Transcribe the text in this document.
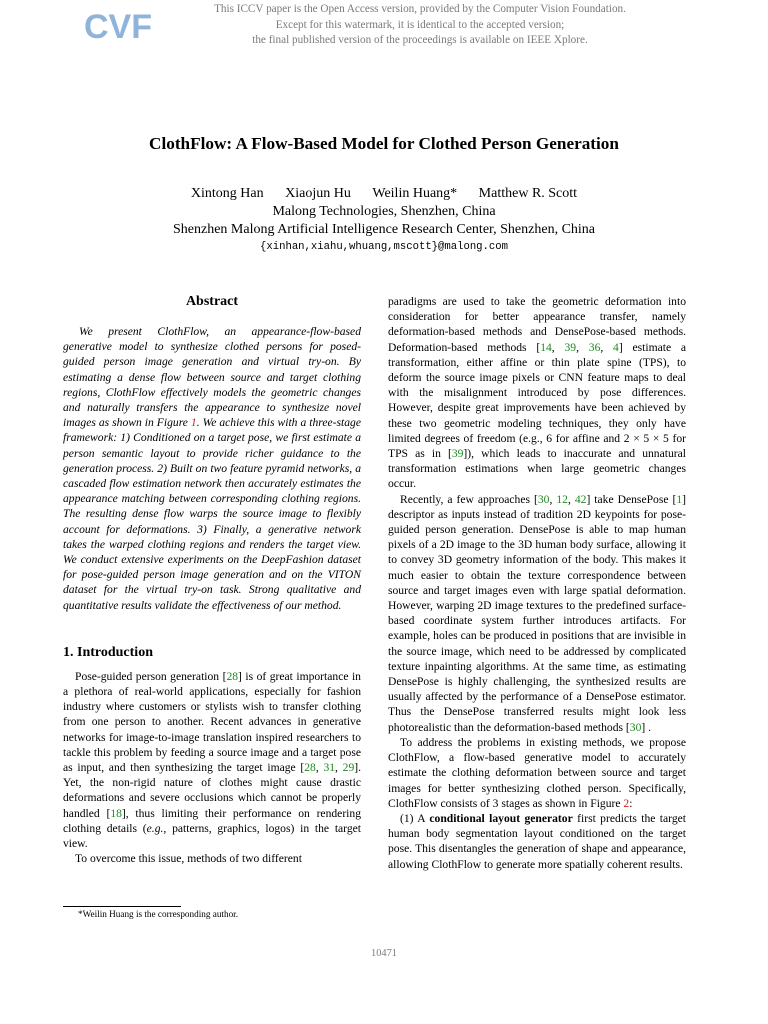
CVF	This ICCV paper is the Open Access version, provided by the Computer Vision Foundation.
Except for this watermark, it is identical to the accepted version;
the final published version of the proceedings is available on IEEE Xplore.
ClothFlow: A Flow-Based Model for Clothed Person Generation
Xintong Han Xiaojun Hu Weilin Huang* Matthew R. Scott
Malong Technologies, Shenzhen, China
Shenzhen Malong Artificial Intelligence Research Center, Shenzhen, China
{xinhan,xiahu,whuang,mscott}@malong.com
Abstract

We present ClothFlow, an appearance-flow-based generative model to synthesize clothed persons for posed-guided person image generation and virtual try-on. By estimating a dense flow between source and target clothing regions, ClothFlow effectively models the geometric changes and naturally transfers the appearance to synthesize novel images as shown in Figure 1. We achieve this with a three-stage framework: 1) Conditioned on a target pose, we first estimate a person semantic layout to provide richer guidance to the generation process. 2) Built on two feature pyramid networks, a cascaded flow estimation network then accurately estimates the appearance matching between corresponding clothing regions. The resulting dense flow warps the source image to flexibly account for deformations. 3) Finally, a generative network takes the warped clothing regions and renders the target view. We conduct extensive experiments on the DeepFashion dataset for pose-guided person image generation and on the VITON dataset for the virtual try-on task. Strong qualitative and quantitative results validate the effectiveness of our method.

1. Introduction

Pose-guided person generation [28] is of great importance in a plethora of real-world applications, especially for fashion industry where customers or stylists wish to transfer clothing from one person to another. Recent advances in generative networks for image-to-image translation inspired researchers to tackle this problem by feeding a source image and a target pose as input, and then synthesizing the target image [28, 31, 29]. Yet, the non-rigid nature of clothes might cause drastic deformations and severe occlusions which cannot be properly handled [18], thus limiting their performance on rendering clothing details (e.g., patterns, graphics, logos) in the target view.

To overcome this issue, methods of two different

*Weilin Huang is the corresponding author.

paradigms are used to take the geometric deformation into consideration for better appearance transfer, namely deformation-based methods and DensePose-based methods. Deformation-based methods [14, 39, 36, 4] estimate a transformation, either affine or thin plate spine (TPS), to deform the source image pixels or CNN feature maps to deal with the misalignment introduced by pose differences. However, despite great improvements have been achieved by these two geometric modeling techniques, they only have limited degrees of freedom (e.g., 6 for affine and 2 × 5 × 5 for TPS as in [39]), which leads to inaccurate and unnatural transformation estimations when large geometric changes occur.

Recently, a few approaches [30, 12, 42] take DensePose [1] descriptor as inputs instead of tradition 2D keypoints for pose-guided person generation. DensePose is able to map human pixels of a 2D image to the 3D human body surface, allowing it to convey 3D geometry information of the body. This makes it much easier to obtain the texture correspondence between source and target images even with large spatial deformation. However, warping 2D image textures to the predefined surface-based coordinate system further introduces artifacts. For example, holes can be produced in positions that are invisible in the source image, which need to be addressed by complicated texture inpainting algorithms. At the same time, as estimating DensePose is highly challenging, the synthesized results are usually affected by the performance of a DensePose estimator. Thus the DensePose transferred results might look less photorealistic than the deformation-based methods [30] .

To address the problems in existing methods, we propose ClothFlow, a flow-based generative model to accurately estimate the clothing deformation between source and target images for better synthesizing clothed person. Specifically, ClothFlow consists of 3 stages as shown in Figure 2:

(1) A conditional layout generator first predicts the target human body segmentation layout conditioned on the target pose. This disentangles the generation of shape and appearance, allowing ClothFlow to generate more spatially coherent results.

10471
